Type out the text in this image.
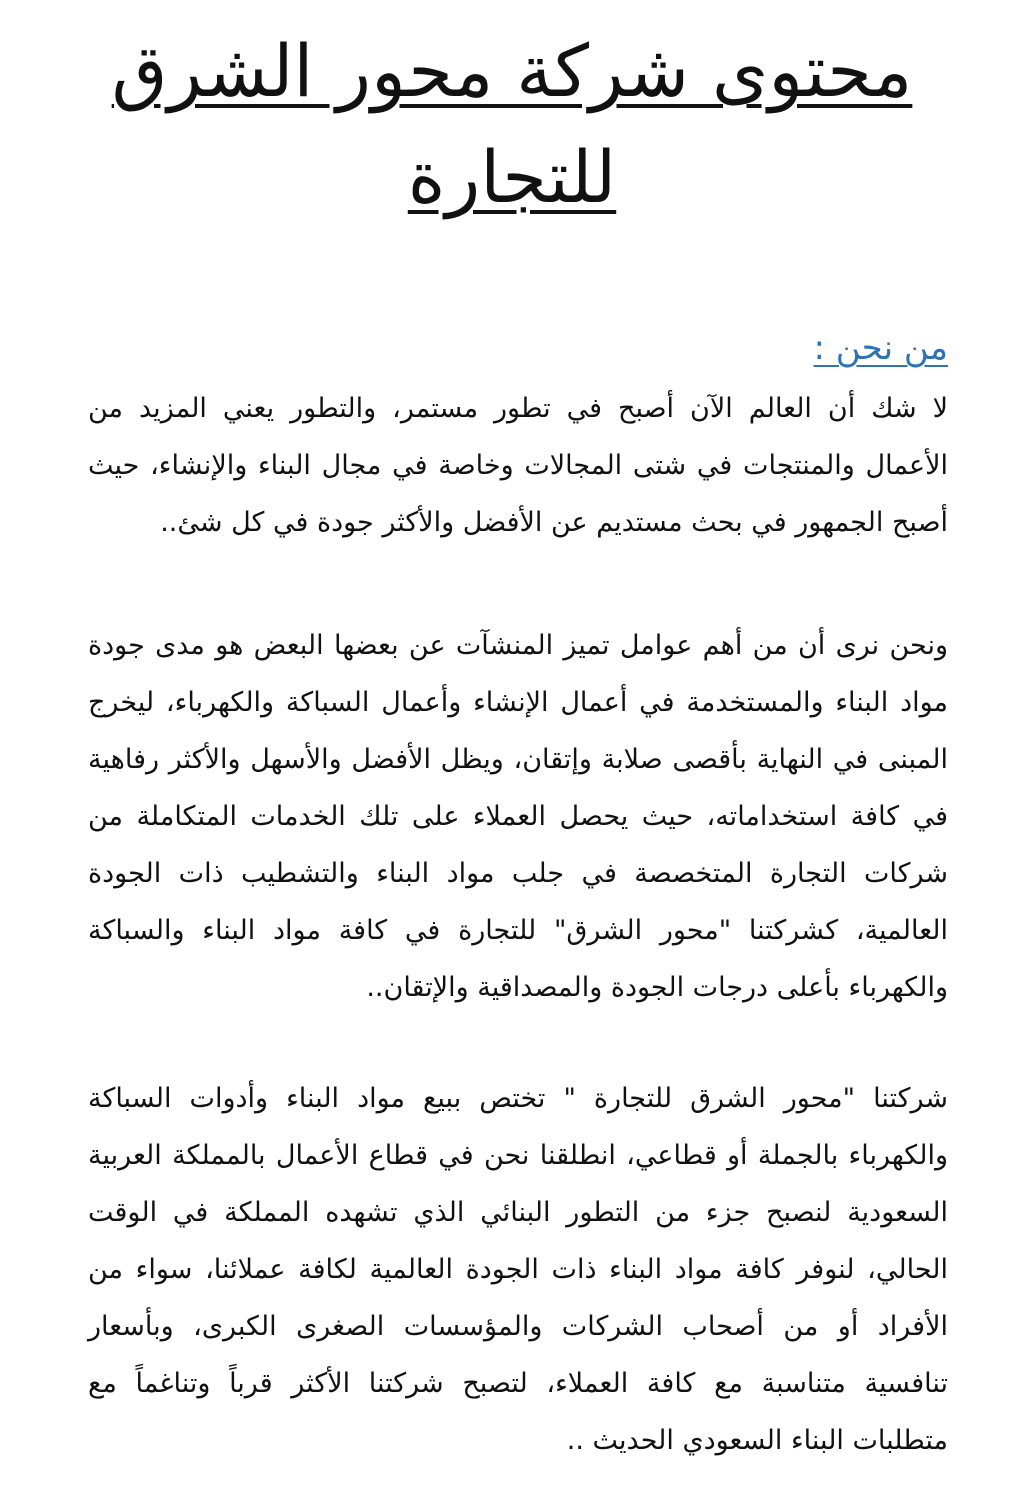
محتوى شركة محور الشرق للتجارة
من نحن :

لا شك أن العالم الآن أصبح في تطور مستمر، والتطور يعني المزيد من الأعمال والمنتجات في شتى المجالات وخاصة في مجال البناء والإنشاء، حيث أصبح الجمهور في بحث مستديم عن الأفضل والأكثر جودة في كل شئ..

ونحن نرى أن من أهم عوامل تميز المنشآت عن بعضها البعض هو مدى جودة مواد البناء والمستخدمة في أعمال الإنشاء وأعمال السباكة والكهرباء، ليخرج المبنى في النهاية بأقصى صلابة وإتقان، ويظل الأفضل والأسهل والأكثر رفاهية في كافة استخداماته، حيث يحصل العملاء على تلك الخدمات المتكاملة من شركات التجارة المتخصصة في جلب مواد البناء والتشطيب ذات الجودة العالمية، كشركتنا "محور الشرق" للتجارة في كافة مواد البناء والسباكة والكهرباء بأعلى درجات الجودة والمصداقية والإتقان..

شركتنا "محور الشرق للتجارة " تختص ببيع مواد البناء وأدوات السباكة والكهرباء بالجملة أو قطاعي، انطلقنا نحن في قطاع الأعمال بالمملكة العربية السعودية لنصبح جزء من التطور البنائي الذي تشهده المملكة في الوقت الحالي، لنوفر كافة مواد البناء ذات الجودة العالمية لكافة عملائنا، سواء من الأفراد أو من أصحاب الشركات والمؤسسات الصغرى الكبرى، وبأسعار تنافسية متناسبة مع كافة العملاء، لتصبح شركتنا الأكثر قرباً وتناغماً مع متطلبات البناء السعودي الحديث ..
